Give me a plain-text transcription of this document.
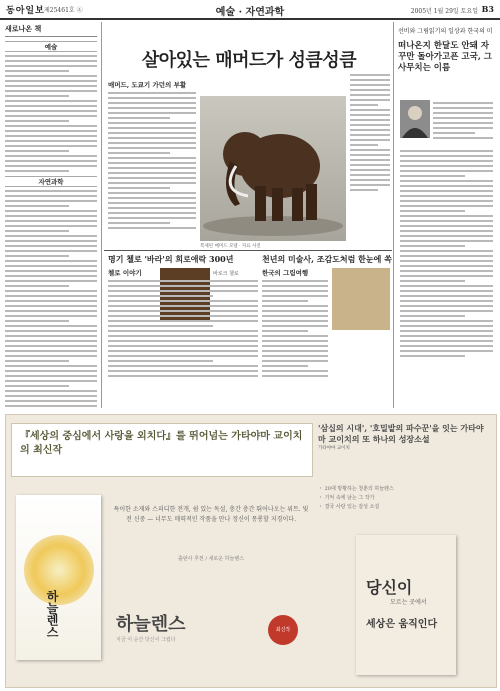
동아일보 제25461호 ④	예술 · 자연과학	2005년 1월 29일 토요일 B3
새로나온 책
예술
자연과학
살아있는 매머드가 성큼성큼
매머드, 도쿄기 가던의 부활
복제된 매머드 모델 · 자료 사진
명기 첼로 '바라'의 희로애락 300년	천년의 미술사, 조감도처럼 한눈에 쏙
첼로 이야기	바로크 첼로	한국의 그림여행
선비와 그림읽기의 일상과 한국의 미
떠나온지 한달도 안돼 자꾸만 돌아가고픈 고국, 그 사무치는 이름
『세상의 중심에서 사랑을 외치다』를 뛰어넘는 가타야마 교이치의 최신작
'삼십의 시대', '호밀밭의 파수꾼'을 잇는 가타야마 교이치의 또 하나의 성장소설
가타야마 교이치
하늘렌스
특이한 소재와 스피디한 전개, 쉼 있는 독설, 충간 충간 뛰어나오는 위트. 빛전 신중 — 너무도 매력적인 작품을 만나 정신이 몽롱할 지경이다.
출판사 추천 / 새로운 하늘렌스
하늘렌스
지금 이 순간 당신이 그립다
최신작
・ 20대 방황하는 청춘의 하늘렌스
・ 기억 속에 남는 그 작가
・ 결국 사랑 있는 감성 소설
당신이
모르는 곳에서
세상은 움직인다
